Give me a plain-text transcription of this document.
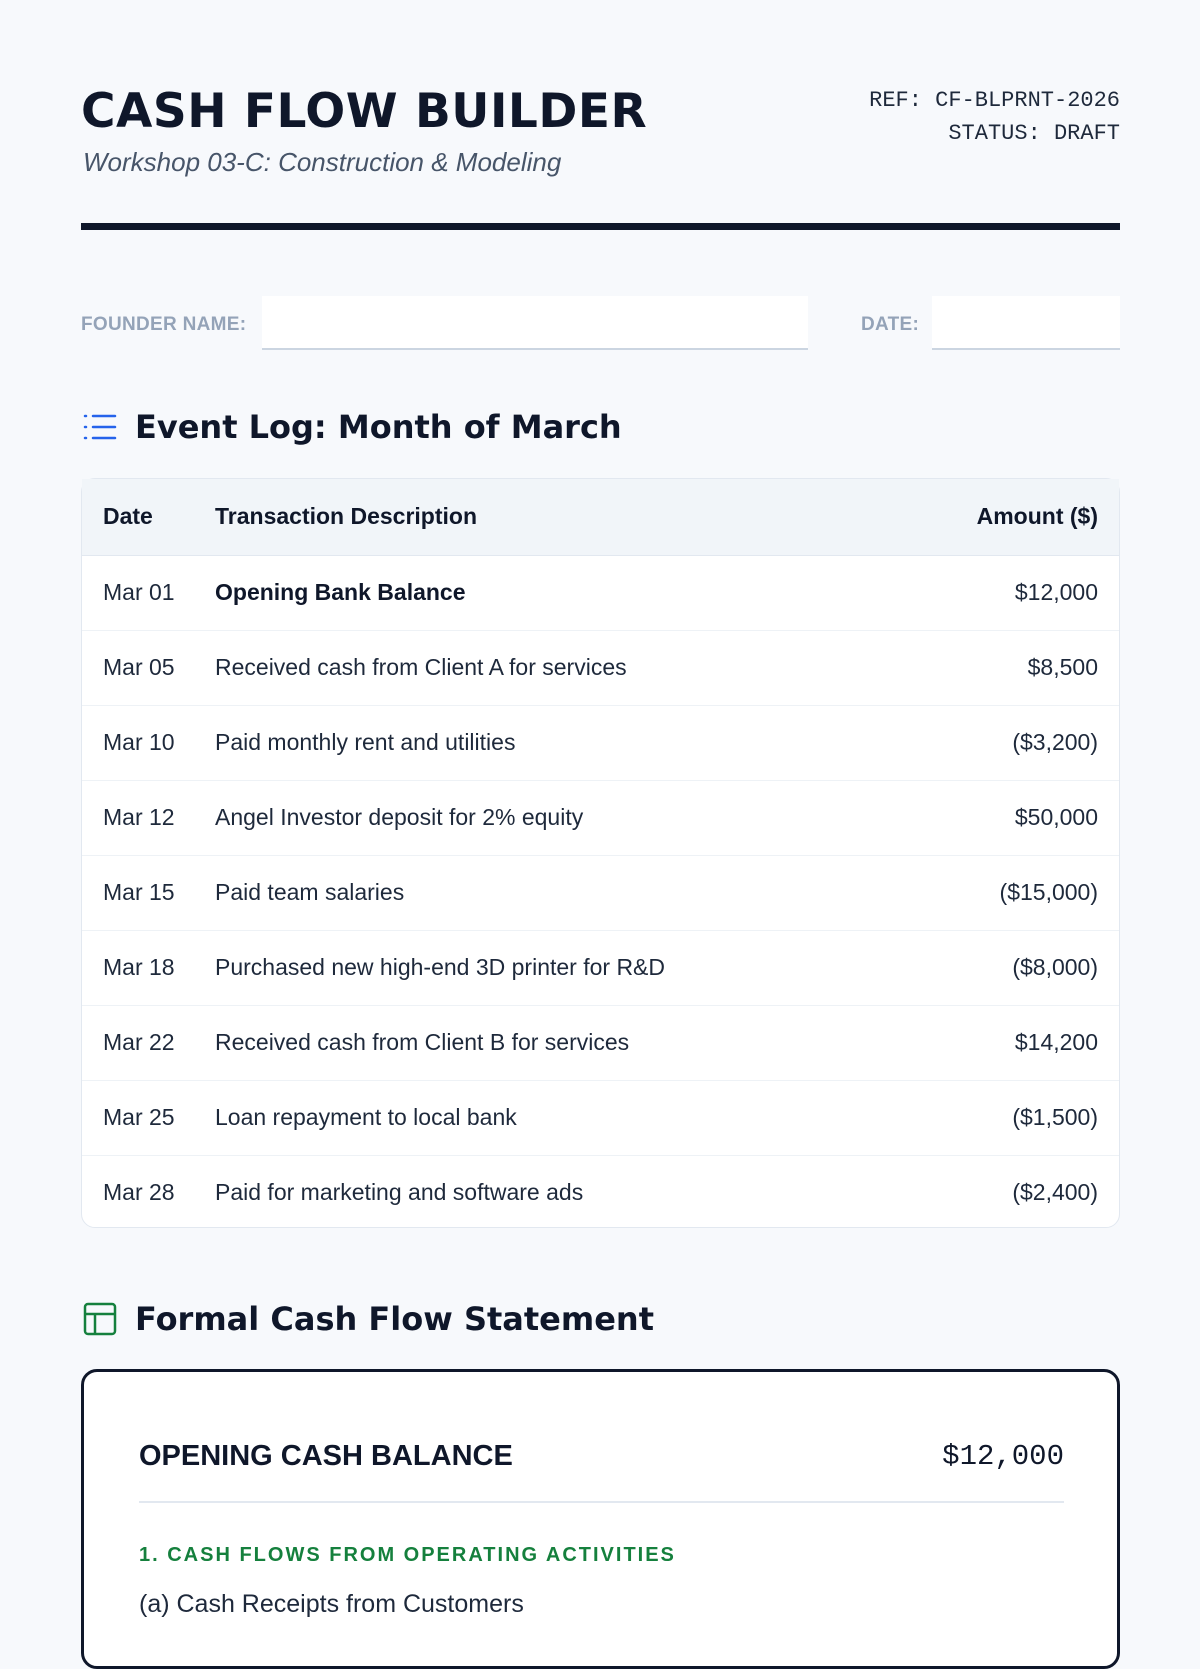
CASH FLOW BUILDER
Workshop 03-C: Construction & Modeling
REF: CF-BLPRNT-2026
STATUS: DRAFT
FOUNDER NAME:	DATE:
Event Log: Month of March
Date	Transaction Description	Amount ($)
Mar 01	Opening Bank Balance	$12,000
Mar 05	Received cash from Client A for services	$8,500
Mar 10	Paid monthly rent and utilities	($3,200)
Mar 12	Angel Investor deposit for 2% equity	$50,000
Mar 15	Paid team salaries	($15,000)
Mar 18	Purchased new high-end 3D printer for R&D	($8,000)
Mar 22	Received cash from Client B for services	$14,200
Mar 25	Loan repayment to local bank	($1,500)
Mar 28	Paid for marketing and software ads	($2,400)
Formal Cash Flow Statement
OPENING CASH BALANCE	$12,000
1. CASH FLOWS FROM OPERATING ACTIVITIES
(a) Cash Receipts from Customers
